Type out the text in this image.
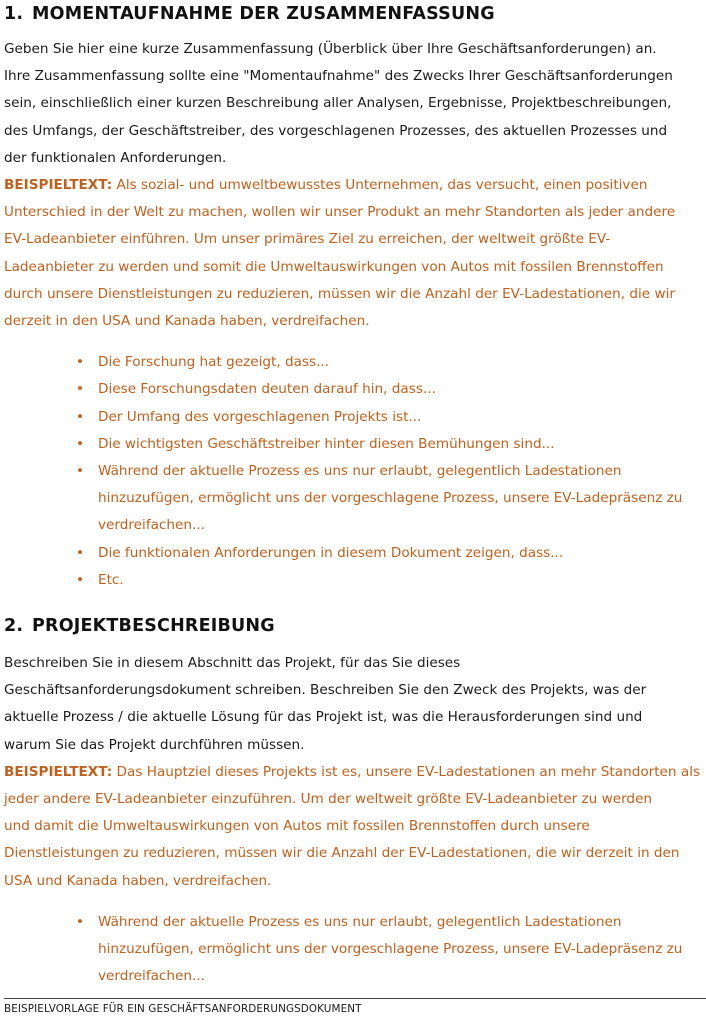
1. MOMENTAUFNAHME DER ZUSAMMENFASSUNG

Geben Sie hier eine kurze Zusammenfassung (Überblick über Ihre Geschäftsanforderungen) an.

Ihre Zusammenfassung sollte eine "Momentaufnahme" des Zwecks Ihrer Geschäftsanforderungen

sein, einschließlich einer kurzen Beschreibung aller Analysen, Ergebnisse, Projektbeschreibungen,

des Umfangs, der Geschäftstreiber, des vorgeschlagenen Prozesses, des aktuellen Prozesses und

der funktionalen Anforderungen.

BEISPIELTEXT: Als sozial- und umweltbewusstes Unternehmen, das versucht, einen positiven

Unterschied in der Welt zu machen, wollen wir unser Produkt an mehr Standorten als jeder andere

EV-Ladeanbieter einführen. Um unser primäres Ziel zu erreichen, der weltweit größte EV-

Ladeanbieter zu werden und somit die Umweltauswirkungen von Autos mit fossilen Brennstoffen

durch unsere Dienstleistungen zu reduzieren, müssen wir die Anzahl der EV-Ladestationen, die wir

derzeit in den USA und Kanada haben, verdreifachen.

• Die Forschung hat gezeigt, dass...
• Diese Forschungsdaten deuten darauf hin, dass...
• Der Umfang des vorgeschlagenen Projekts ist...
• Die wichtigsten Geschäftstreiber hinter diesen Bemühungen sind...
• Während der aktuelle Prozess es uns nur erlaubt, gelegentlich Ladestationen
hinzuzufügen, ermöglicht uns der vorgeschlagene Prozess, unsere EV-Ladepräsenz zu
verdreifachen...
• Die funktionalen Anforderungen in diesem Dokument zeigen, dass...
• Etc.
2. PROJEKTBESCHREIBUNG

Beschreiben Sie in diesem Abschnitt das Projekt, für das Sie dieses

Geschäftsanforderungsdokument schreiben. Beschreiben Sie den Zweck des Projekts, was der

aktuelle Prozess / die aktuelle Lösung für das Projekt ist, was die Herausforderungen sind und

warum Sie das Projekt durchführen müssen.

BEISPIELTEXT: Das Hauptziel dieses Projekts ist es, unsere EV-Ladestationen an mehr Standorten als

jeder andere EV-Ladeanbieter einzuführen. Um der weltweit größte EV-Ladeanbieter zu werden

und damit die Umweltauswirkungen von Autos mit fossilen Brennstoffen durch unsere

Dienstleistungen zu reduzieren, müssen wir die Anzahl der EV-Ladestationen, die wir derzeit in den

USA und Kanada haben, verdreifachen.

• Während der aktuelle Prozess es uns nur erlaubt, gelegentlich Ladestationen
hinzuzufügen, ermöglicht uns der vorgeschlagene Prozess, unsere EV-Ladepräsenz zu
verdreifachen...
BEISPIELVORLAGE FÜR EIN GESCHÄFTSANFORDERUNGSDOKUMENT
